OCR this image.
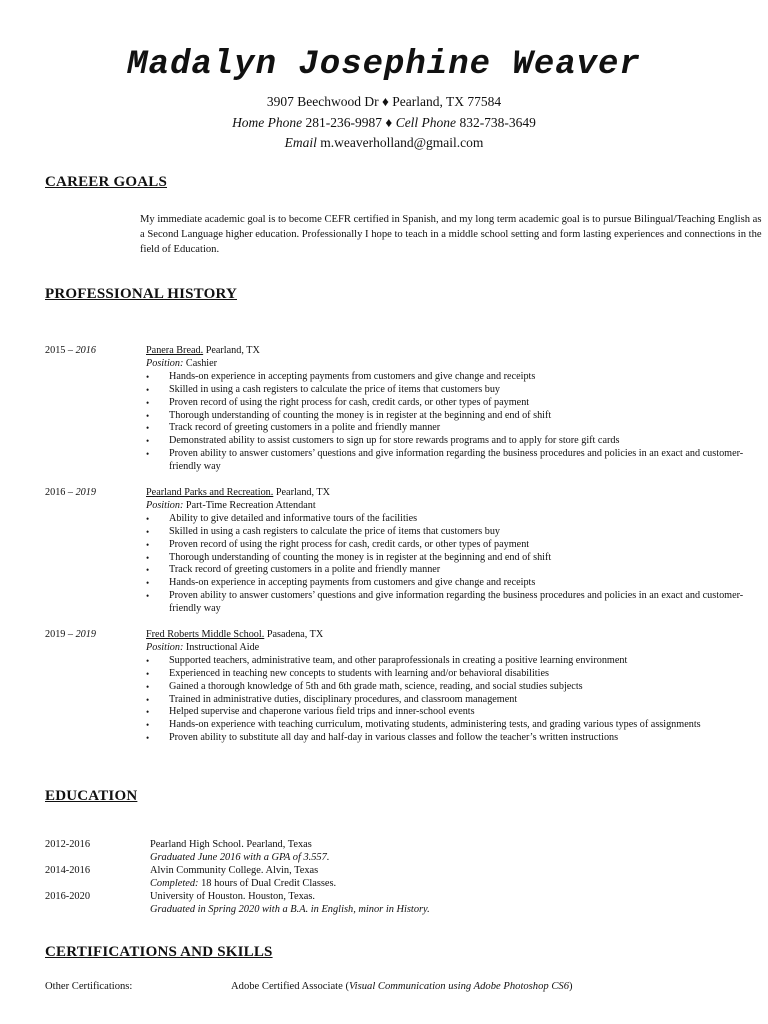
Madalyn Josephine Weaver
3907 Beechwood Dr ♦ Pearland, TX 77584
Home Phone 281-236-9987 ♦ Cell Phone 832-738-3649
Email m.weaverholland@gmail.com
CAREER GOALS
My immediate academic goal is to become CEFR certified in Spanish, and my long term academic goal is to pursue Bilingual/Teaching English as a Second Language higher education. Professionally I hope to teach in a middle school setting and form lasting experiences and connections in the field of Education.
PROFESSIONAL HISTORY
2015 – 2016	Panera Bread. Pearland, TX
Position: Cashier
• Hands-on experience in accepting payments from customers and give change and receipts
• Skilled in using a cash registers to calculate the price of items that customers buy
• Proven record of using the right process for cash, credit cards, or other types of payment
• Thorough understanding of counting the money is in register at the beginning and end of shift
• Track record of greeting customers in a polite and friendly manner
• Demonstrated ability to assist customers to sign up for store rewards programs and to apply for store gift cards
• Proven ability to answer customers’ questions and give information regarding the business procedures and policies in an exact and customer-friendly way
2016 – 2019	Pearland Parks and Recreation. Pearland, TX
Position: Part-Time Recreation Attendant
• Ability to give detailed and informative tours of the facilities
• Skilled in using a cash registers to calculate the price of items that customers buy
• Proven record of using the right process for cash, credit cards, or other types of payment
• Thorough understanding of counting the money is in register at the beginning and end of shift
• Track record of greeting customers in a polite and friendly manner
• Hands-on experience in accepting payments from customers and give change and receipts
• Proven ability to answer customers’ questions and give information regarding the business procedures and policies in an exact and customer-friendly way
2019 – 2019	Fred Roberts Middle School. Pasadena, TX
Position: Instructional Aide
• Supported teachers, administrative team, and other paraprofessionals in creating a positive learning environment
• Experienced in teaching new concepts to students with learning and/or behavioral disabilities
• Gained a thorough knowledge of 5th and 6th grade math, science, reading, and social studies subjects
• Trained in administrative duties, disciplinary procedures, and classroom management
• Helped supervise and chaperone various field trips and inner-school events
• Hands-on experience with teaching curriculum, motivating students, administering tests, and grading various types of assignments
• Proven ability to substitute all day and half-day in various classes and follow the teacher’s written instructions
EDUCATION
2012-2016	Pearland High School. Pearland, Texas
Graduated June 2016 with a GPA of 3.557.
2014-2016	Alvin Community College. Alvin, Texas
Completed: 18 hours of Dual Credit Classes.
2016-2020	University of Houston. Houston, Texas.
Graduated in Spring 2020 with a B.A. in English, minor in History.
CERTIFICATIONS AND SKILLS
Other Certifications:	Adobe Certified Associate (Visual Communication using Adobe Photoshop CS6)
